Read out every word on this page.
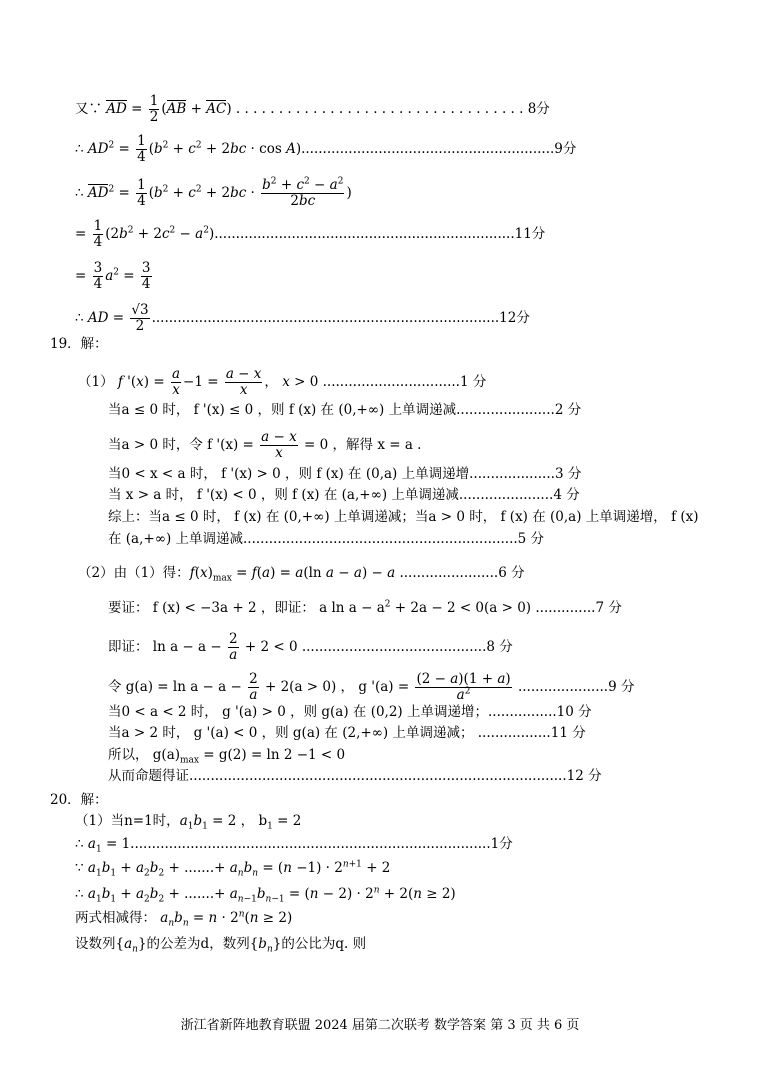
又∵ AD = $\frac{1}{2} (AB + AC)$ . . . . . . . . . . . . . . . . . . . . . . . . . . . . . . . . . . 8分
∴ $AD^2 = \frac{1}{4} (b^2 + c^2 + 2bc \cdot \cos A)...........................................................9$分
∴ $AD^2 = \frac{1}{4} (b^2 + c^2 + 2bc \cdot \frac{b^2 + c^2 - a^2}{2bc}$ )
= $\frac{1}{4} (2b^2 + 2c^2 - a^2)......................................................................11$分
= $\frac{3}{4} a^2 = \frac{3}{4}$
∴ AD = $\frac{√3}{2} .................................................................................12$分
19．解：
（1） f '$(x) = \frac{a}{x} -1 = \frac{a - x}{x}$ ， x > 0 ................................1 分
当a ≤ 0 时， f '(x) ≤ 0 ，则 f (x) 在 (0,+∞) 上单调递减.......................2 分
当a > 0 时，令 f '$(x) = \frac{a - x}{x} = 0$ ，解得 x = a .
当0 < x < a 时， f '(x) > 0 ，则 f (x) 在 (0,a) 上单调递增....................3 分
当 x > a 时， f '(x) < 0 ，则 f (x) 在 (a,+∞) 上单调递减......................4 分
综上：当a ≤ 0 时， f (x) 在 (0,+∞) 上单调递减；当a > 0 时， f (x) 在 (0,a) 上单调递增， f (x)
在 (a,+∞) 上单调递减................................................................5 分
（2）由（1）得：$f(x)_{max} = f(a) = a(\ln$ a − a) − a .......................6 分
要证： f (x) < −3a + 2 ，即证： a $\ln a - a^2 + 2a - 2 < 0(a > 0)$ ..............7 分
即证： $\ln a - a - \frac{2}{a} + 2 < 0$ ...........................................8 分
令 $g(a) = \ln a - a - \frac{2}{a} + 2(a > 0)$ ， g '$(a) = \frac{(2 - a)(1 + a)}{a^2} .....................9$ 分
当0 < a < 2 时， g '(a) > 0 ，则 g(a) 在 (0,2) 上单调递增；................10 分
当a > 2 时， g '(a) < 0 ，则 g(a) 在 (2,+∞) 上单调递减； .................11 分
所以， $g(a)_{max} = g(2) = \ln 2 -1 < 0$
从而命题得证........................................................................................12 分
20．解：
（1）当n=1时，$a_1b_1 = 2$ ， $b_1 = 2$
∴ $a_1 = 1....................................................................................1$分
∵ $a_1b_1 + a_2b_2$ + .......+ $a_nb_n = (n -1) \cdot 2^{n+1} + 2$
∴ $a_1b_1 + a_2b_2$ + .......+ $a_{n-1}b_{n-1} = (n - 2) \cdot 2^n + 2(n \ge 2)$
两式相减得： $a_nb_n = n \cdot 2^n(n \ge 2)$
设数列$\{a_n\}$的公差为d，数列$\{b_n\}$的公比为q. 则
浙江省新阵地教育联盟 2024 届第二次联考 数学答案 第 3 页 共 6 页
